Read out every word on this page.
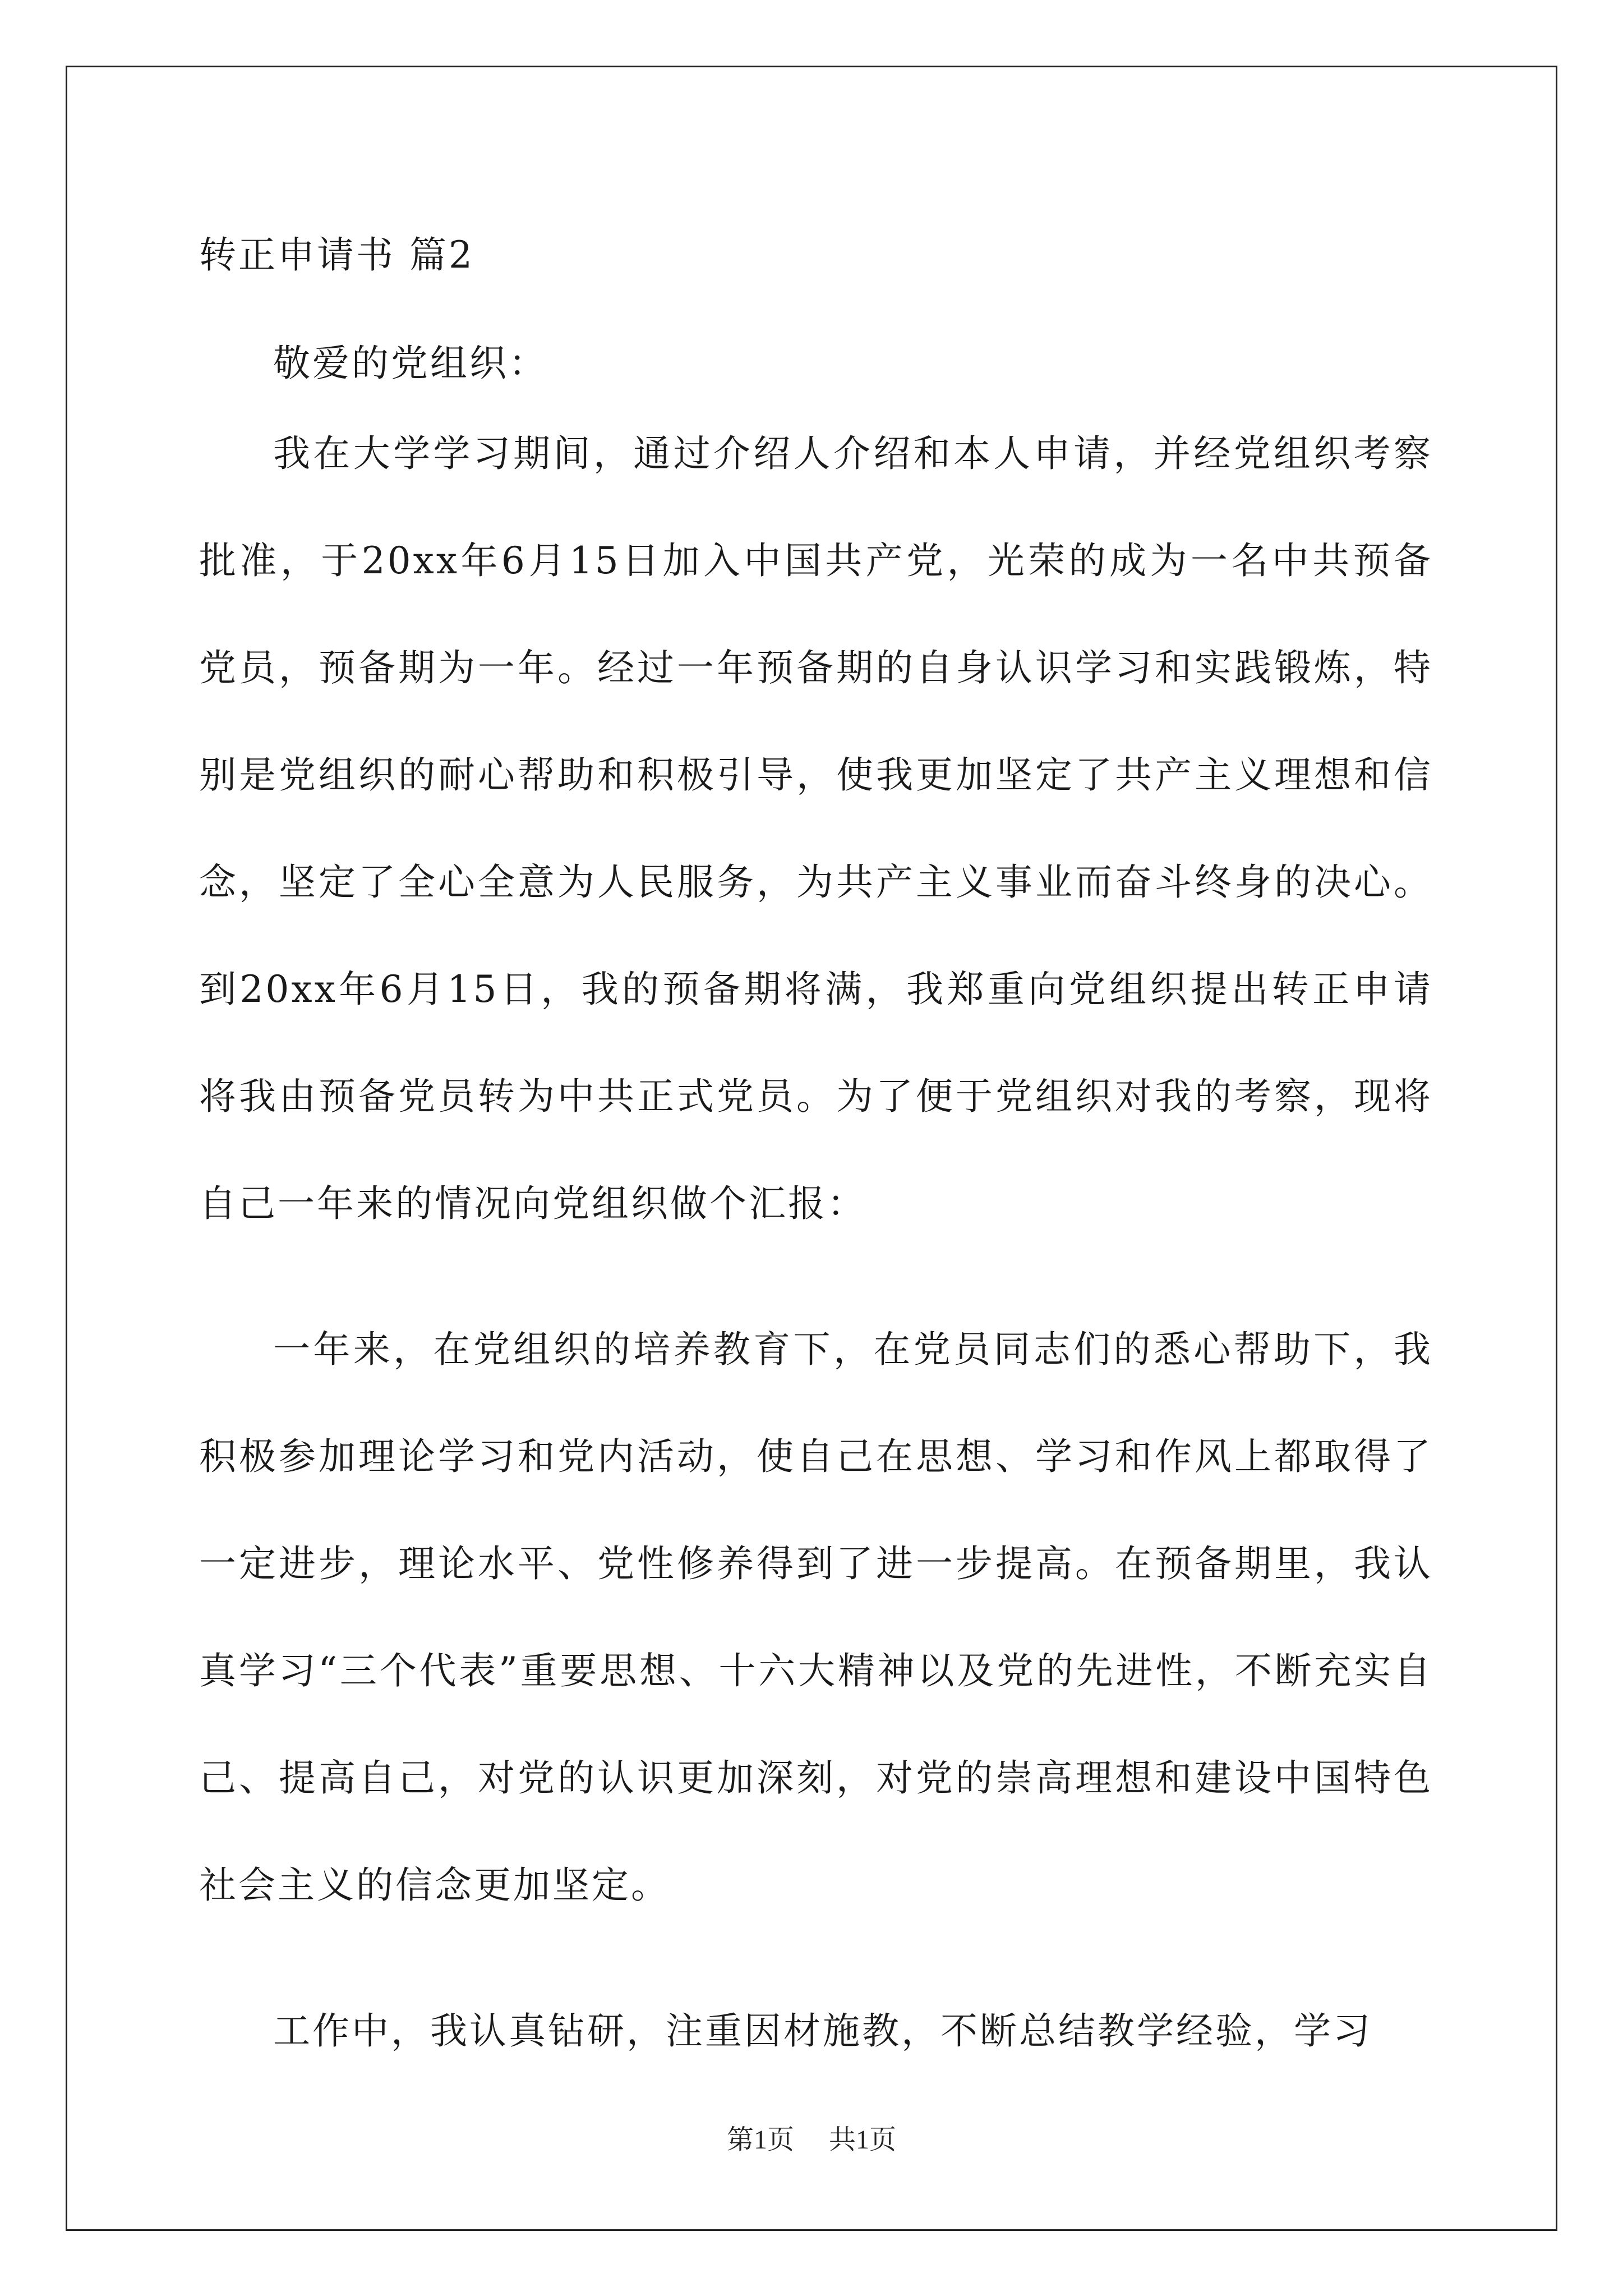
转正申请书 篇2

敬爱的党组织：

我在大学学习期间，通过介绍人介绍和本人申请，并经党组织考察批准，于20xx年6月15日加入中国共产党，光荣的成为一名中共预备党员，预备期为一年。经过一年预备期的自身认识学习和实践锻炼，特别是党组织的耐心帮助和积极引导，使我更加坚定了共产主义理想和信念，坚定了全心全意为人民服务，为共产主义事业而奋斗终身的决心。到20xx年6月15日，我的预备期将满，我郑重向党组织提出转正申请将我由预备党员转为中共正式党员。为了便于党组织对我的考察，现将自己一年来的情况向党组织做个汇报：

一年来，在党组织的培养教育下，在党员同志们的悉心帮助下，我积极参加理论学习和党内活动，使自己在思想、学习和作风上都取得了一定进步，理论水平、党性修养得到了进一步提高。在预备期里，我认真学习“三个代表”重要思想、十六大精神以及党的先进性，不断充实自己、提高自己，对党的认识更加深刻，对党的崇高理想和建设中国特色社会主义的信念更加坚定。

工作中，我认真钻研，注重因材施教，不断总结教学经验，学习

第1页 共1页
